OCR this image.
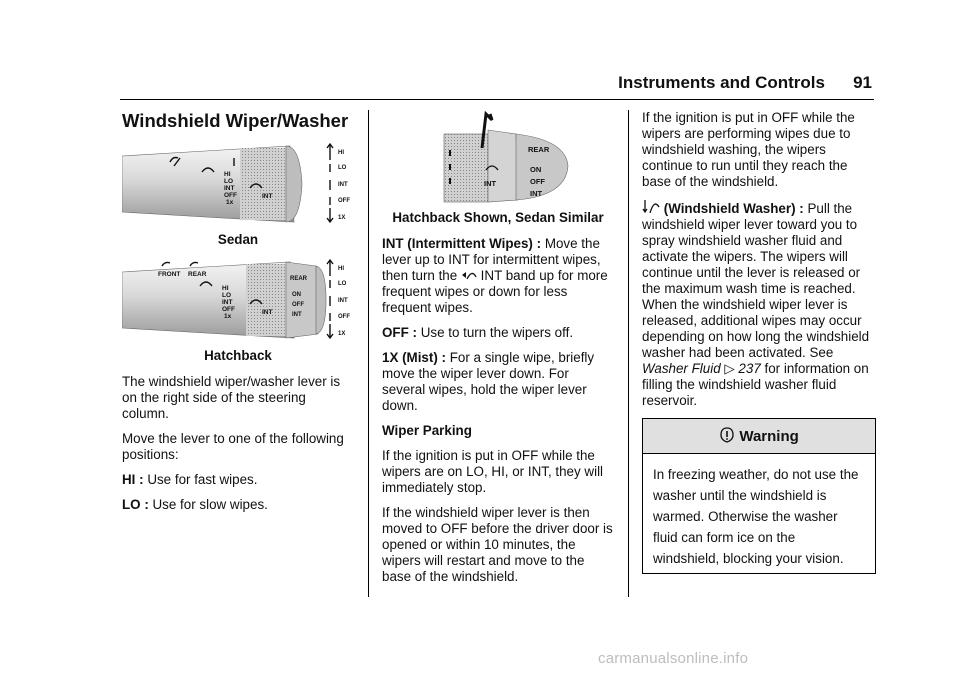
Instruments and Controls 91
Windshield Wiper/Washer
HI
LO
INT
OFF
1x
INT
HI
LO
INT
OFF
1X
Sedan
FRONT REAR
HI
LO
INT
OFF
1x
INT
REAR
ON
OFF
INT
HI
LO
INT
OFF
1X
Hatchback

The windshield wiper/washer lever is on the right side of the steering column.

Move the lever to one of the following positions:

HI : Use for fast wipes.

LO : Use for slow wipes.

INT
REAR
ON
OFF
INT
Hatchback Shown, Sedan Similar

INT (Intermittent Wipes) : Move the lever up to INT for intermittent wipes, then turn the INT band up for more frequent wipes or down for less frequent wipes.

OFF : Use to turn the wipers off.

1X (Mist) : For a single wipe, briefly move the wiper lever down. For several wipes, hold the wiper lever down.

Wiper Parking

If the ignition is put in OFF while the wipers are on LO, HI, or INT, they will immediately stop.

If the windshield wiper lever is then moved to OFF before the driver door is opened or within 10 minutes, the wipers will restart and move to the base of the windshield.

If the ignition is put in OFF while the wipers are performing wipes due to windshield washing, the wipers continue to run until they reach the base of the windshield.

(Windshield Washer) : Pull the windshield wiper lever toward you to spray windshield washer fluid and activate the wipers. The wipers will continue until the lever is released or the maximum wash time is reached. When the windshield wiper lever is released, additional wipes may occur depending on how long the windshield washer had been activated. See Washer Fluid ▷ 237 for information on filling the windshield washer fluid reservoir.

Warning
In freezing weather, do not use the washer until the windshield is warmed. Otherwise the washer fluid can form ice on the windshield, blocking your vision.
carmanualsonline.info
